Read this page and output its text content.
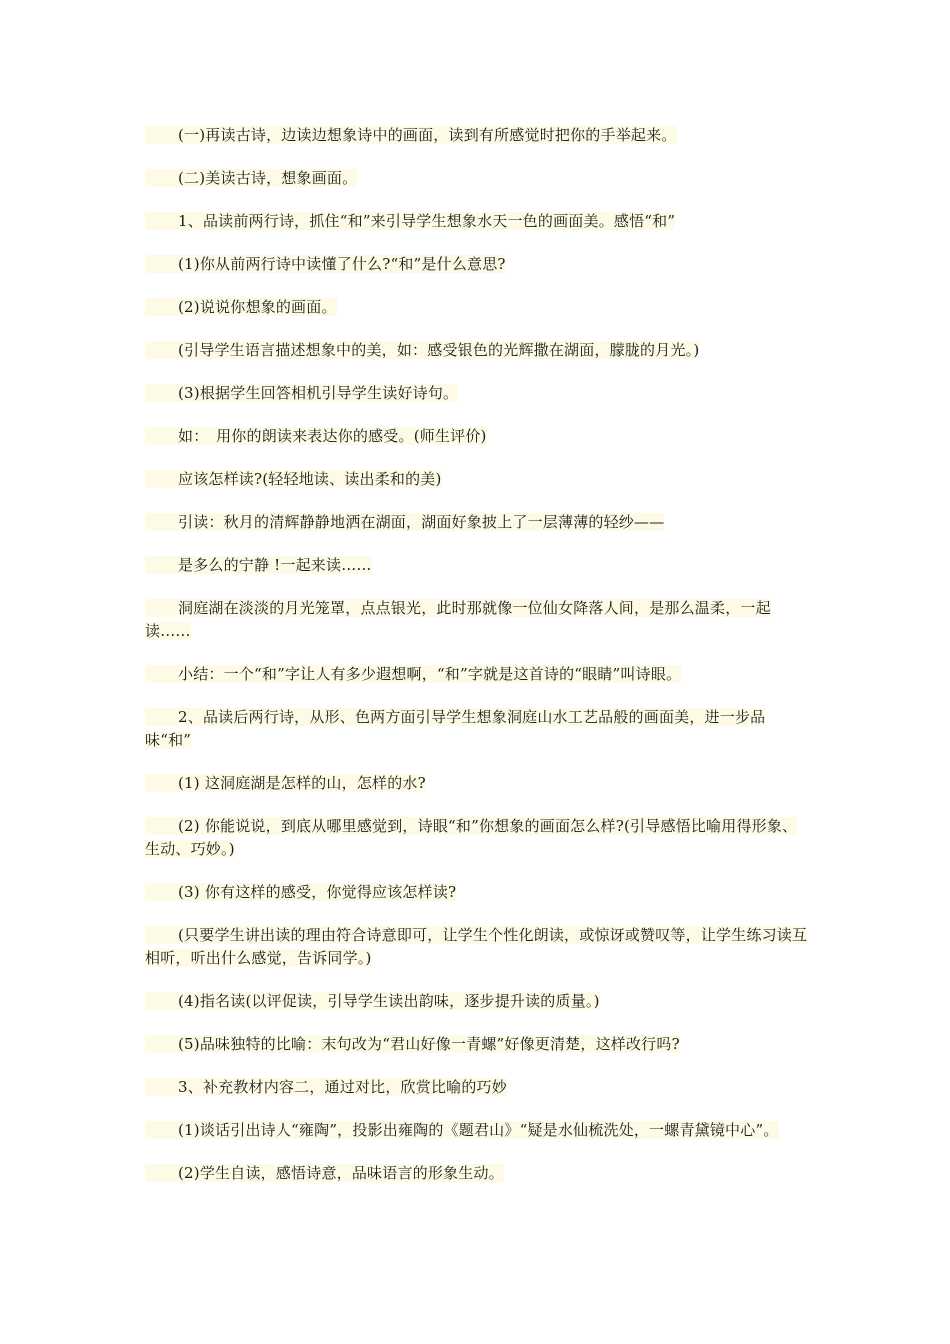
(一)再读古诗，边读边想象诗中的画面，读到有所感觉时把你的手举起来。

(二)美读古诗，想象画面。

1、品读前两行诗，抓住“和”来引导学生想象水天一色的画面美。感悟“和”

(1)你从前两行诗中读懂了什么?“和”是什么意思?

(2)说说你想象的画面。

(引导学生语言描述想象中的美，如：感受银色的光辉撒在湖面，朦胧的月光。)

(3)根据学生回答相机引导学生读好诗句。

如：　用你的朗读来表达你的感受。(师生评价)

应该怎样读?(轻轻地读、读出柔和的美)

引读：秋月的清辉静静地洒在湖面，湖面好象披上了一层薄薄的轻纱——

是多么的宁静 !一起来读……

洞庭湖在淡淡的月光笼罩，点点银光，此时那就像一位仙女降落人间，是那么温柔，一起读……

小结：一个“和”字让人有多少遐想啊，“和”字就是这首诗的“眼睛”叫诗眼。

2、品读后两行诗，从形、色两方面引导学生想象洞庭山水工艺品般的画面美，进一步品味“和”

(1) 这洞庭湖是怎样的山，怎样的水?

(2) 你能说说，到底从哪里感觉到，诗眼“和”你想象的画面怎么样?(引导感悟比喻用得形象、生动、巧妙。)

(3) 你有这样的感受，你觉得应该怎样读?

(只要学生讲出读的理由符合诗意即可，让学生个性化朗读，或惊讶或赞叹等，让学生练习读互相听，听出什么感觉，告诉同学。)

(4)指名读(以评促读，引导学生读出韵味，逐步提升读的质量。)

(5)品味独特的比喻：末句改为“君山好像一青螺”好像更清楚，这样改行吗?

3、补充教材内容二，通过对比，欣赏比喻的巧妙

(1)谈话引出诗人“雍陶”，投影出雍陶的《题君山》“疑是水仙梳洗处，一螺青黛镜中心”。

(2)学生自读，感悟诗意，品味语言的形象生动。
